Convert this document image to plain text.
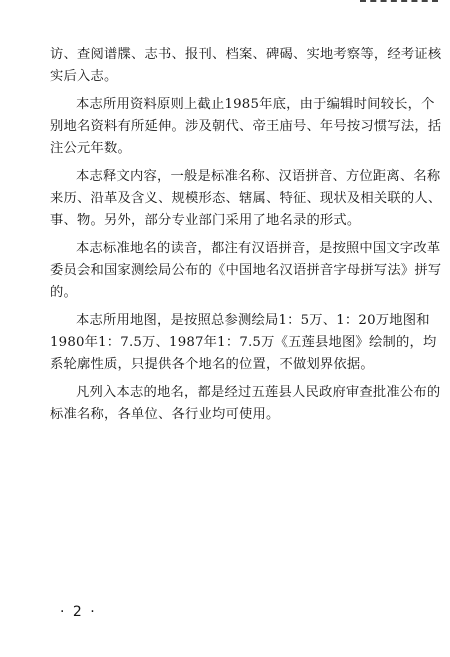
访、查阅谱牒、志书、报刊、档案、碑碣、实地考察等，经考证核
实后入志。
本志所用资料原则上截止1985年底，由于编辑时间较长，个
别地名资料有所延伸。涉及朝代、帝王庙号、年号按习惯写法，括
注公元年数。
本志释文内容，一般是标准名称、汉语拼音、方位距离、名称
来历、沿革及含义、规模形态、辖属、特征、现状及相关联的人、
事、物。另外，部分专业部门采用了地名录的形式。
本志标准地名的读音，都注有汉语拼音，是按照中国文字改革
委员会和国家测绘局公布的《中国地名汉语拼音字母拼写法》拼写
的。
本志所用地图，是按照总参测绘局1：5万、1：20万地图和
1980年1：7.5万、1987年1：7.5万《五莲县地图》绘制的，均
系轮廓性质，只提供各个地名的位置，不做划界依据。
凡列入本志的地名，都是经过五莲县人民政府审查批准公布的
标准名称，各单位、各行业均可使用。
· 2 ·
